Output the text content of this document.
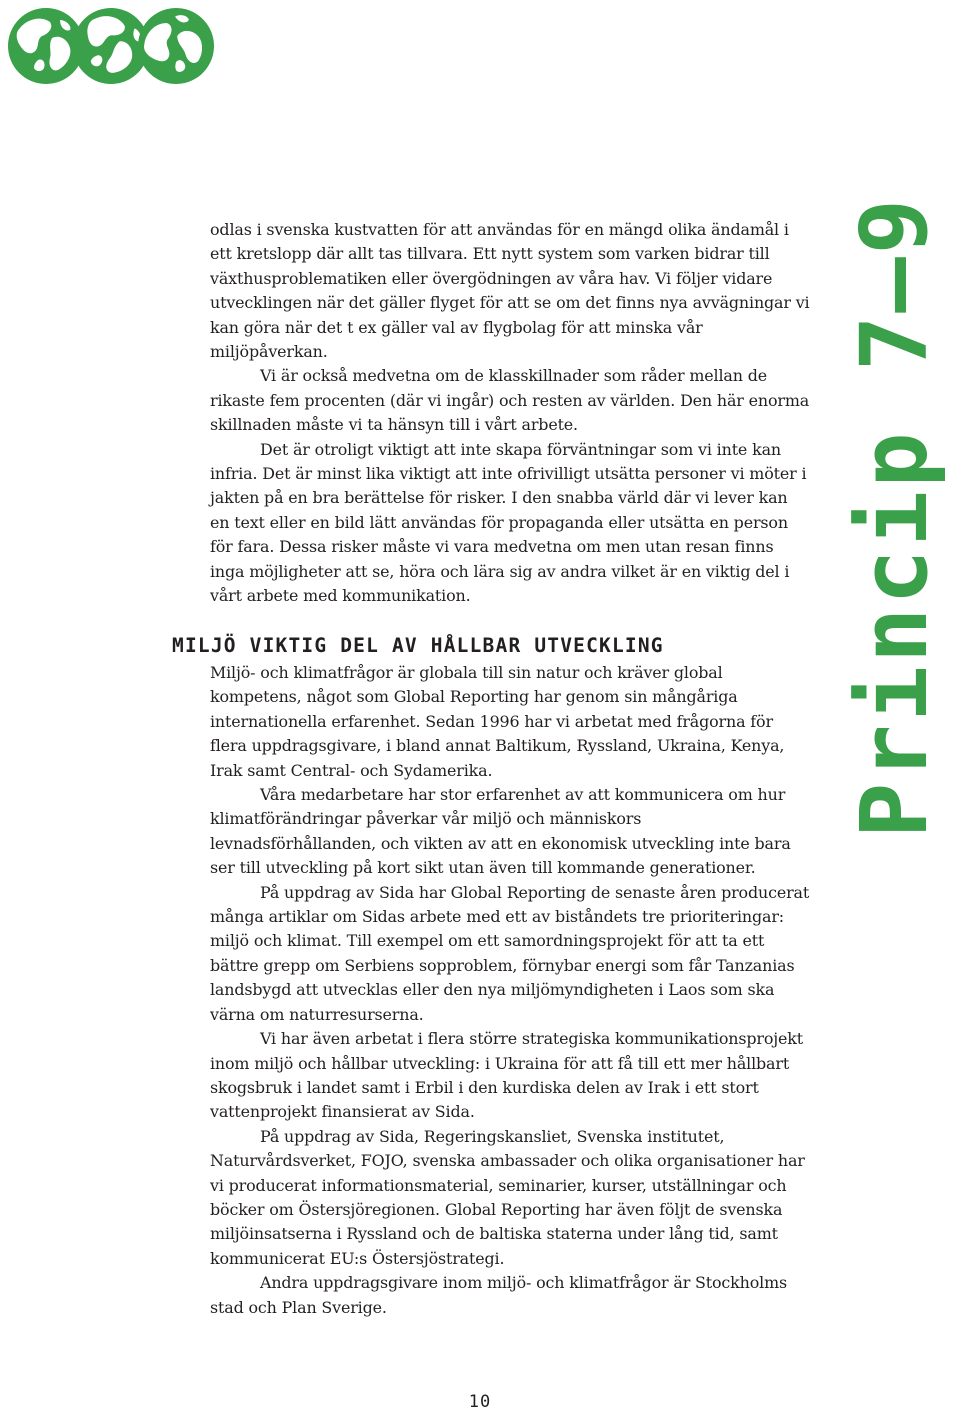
odlas i svenska kustvatten för att användas för en mängd olika ändamål i ett kretslopp där allt tas tillvara. Ett nytt system som varken bidrar till växthusproblematiken eller övergödningen av våra hav. Vi följer vidare utvecklingen när det gäller flyget för att se om det finns nya avvägningar vi kan göra när det t ex gäller val av flygbolag för att minska vår miljöpåverkan.

Vi är också medvetna om de klasskillnader som råder mellan de rikaste fem procenten (där vi ingår) och resten av världen. Den här enorma skillnaden måste vi ta hänsyn till i vårt arbete.

Det är otroligt viktigt att inte skapa förväntningar som vi inte kan infria. Det är minst lika viktigt att inte ofrivilligt utsätta personer vi möter i jakten på en bra berättelse för risker. I den snabba värld där vi lever kan en text eller en bild lätt användas för propaganda eller utsätta en person för fara. Dessa risker måste vi vara medvetna om men utan resan finns inga möjligheter att se, höra och lära sig av andra vilket är en viktig del i vårt arbete med kommunikation.

MILJÖ VIKTIG DEL AV HÅLLBAR UTVECKLING

Miljö- och klimatfrågor är globala till sin natur och kräver global kompetens, något som Global Reporting har genom sin mångåriga internationella erfarenhet. Sedan 1996 har vi arbetat med frågorna för flera uppdragsgivare, i bland annat Baltikum, Ryssland, Ukraina, Kenya, Irak samt Central- och Sydamerika.

Våra medarbetare har stor erfarenhet av att kommunicera om hur klimatförändringar påverkar vår miljö och människors levnadsförhållanden, och vikten av att en ekonomisk utveckling inte bara ser till utveckling på kort sikt utan även till kommande generationer.

På uppdrag av Sida har Global Reporting de senaste åren producerat många artiklar om Sidas arbete med ett av biståndets tre prioriteringar: miljö och klimat. Till exempel om ett samordningsprojekt för att ta ett bättre grepp om Serbiens sopproblem, förnybar energi som får Tanzanias landsbygd att utvecklas eller den nya miljömyndigheten i Laos som ska värna om naturresurserna.

Vi har även arbetat i flera större strategiska kommunikationsprojekt inom miljö och hållbar utveckling: i Ukraina för att få till ett mer hållbart skogsbruk i landet samt i Erbil i den kurdiska delen av Irak i ett stort vattenprojekt finansierat av Sida.

På uppdrag av Sida, Regeringskansliet, Svenska institutet, Naturvårdsverket, FOJO, svenska ambassader och olika organisationer har vi producerat informationsmaterial, seminarier, kurser, utställningar och böcker om Östersjöregionen. Global Reporting har även följt de svenska miljöinsatserna i Ryssland och de baltiska staterna under lång tid, samt kommunicerat EU:s Östersjöstrategi.

Andra uppdragsgivare inom miljö- och klimatfrågor är Stockholms stad och Plan Sverige.

Princip 7–9
10
